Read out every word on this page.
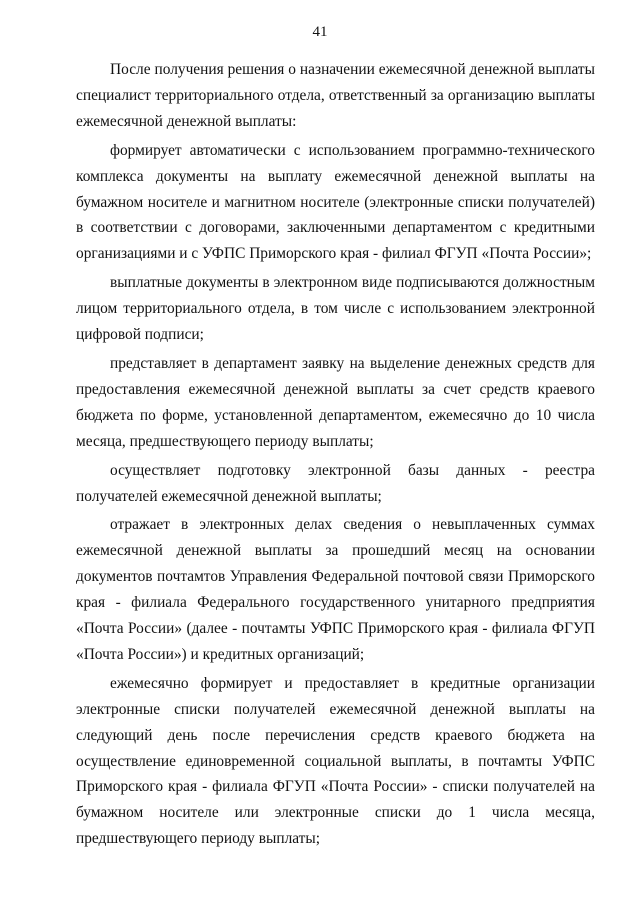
41

После получения решения о назначении ежемесячной денежной выплаты специалист территориального отдела, ответственный за организацию выплаты ежемесячной денежной выплаты:

формирует автоматически с использованием программно-технического комплекса документы на выплату ежемесячной денежной выплаты на бумажном носителе и магнитном носителе (электронные списки получателей) в соответствии с договорами, заключенными департаментом с кредитными организациями и с УФПС Приморского края - филиал ФГУП «Почта России»;

выплатные документы в электронном виде подписываются должностным лицом территориального отдела, в том числе с использованием электронной цифровой подписи;

представляет в департамент заявку на выделение денежных средств для предоставления ежемесячной денежной выплаты за счет средств краевого бюджета по форме, установленной департаментом, ежемесячно до 10 числа месяца, предшествующего периоду выплаты;

осуществляет подготовку электронной базы данных - реестра получателей ежемесячной денежной выплаты;

отражает в электронных делах сведения о невыплаченных суммах ежемесячной денежной выплаты за прошедший месяц на основании документов почтамтов Управления Федеральной почтовой связи Приморского края - филиала Федерального государственного унитарного предприятия «Почта России» (далее - почтамты УФПС Приморского края - филиала ФГУП «Почта России») и кредитных организаций;

ежемесячно формирует и предоставляет в кредитные организации электронные списки получателей ежемесячной денежной выплаты на следующий день после перечисления средств краевого бюджета на осуществление единовременной социальной выплаты, в почтамты УФПС Приморского края - филиала ФГУП «Почта России» - списки получателей на бумажном носителе или электронные списки до 1 числа месяца, предшествующего периоду выплаты;
